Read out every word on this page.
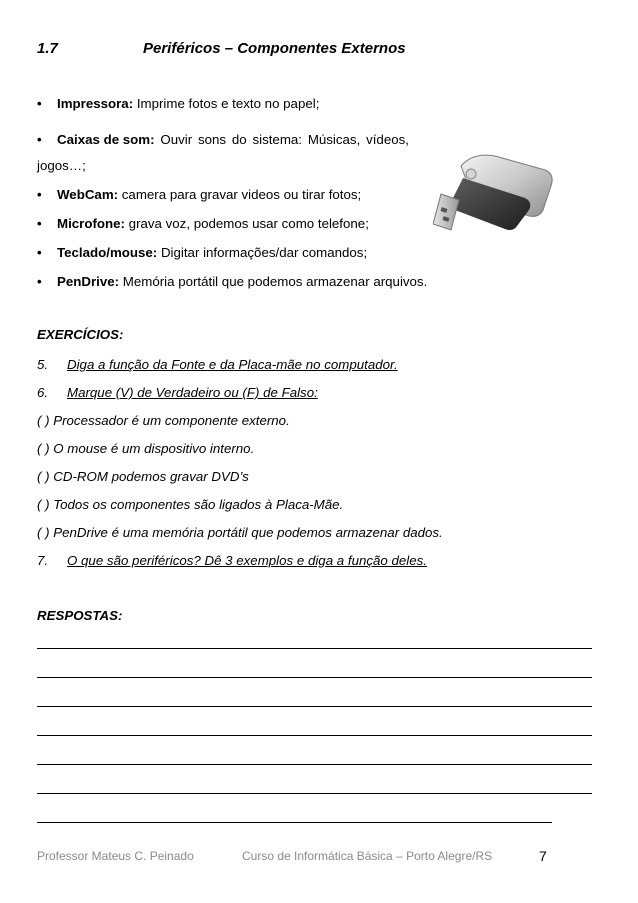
1.7	Periféricos – Componentes Externos
• Impressora: Imprime fotos e texto no papel;
• Caixas de som: Ouvir sons do sistema: Músicas, vídeos,
jogos…;
• WebCam: camera para gravar videos ou tirar fotos;
• Microfone: grava voz, podemos usar como telefone;
• Teclado/mouse: Digitar informações/dar comandos;
• PenDrive: Memória portátil que podemos armazenar arquivos.
EXERCÍCIOS:
5. Diga a função da Fonte e da Placa-mãe no computador.
6. Marque (V) de Verdadeiro ou (F) de Falso:
( ) Processador é um componente externo.
( ) O mouse é um dispositivo interno.
( ) CD-ROM podemos gravar DVD’s
( ) Todos os componentes são ligados à Placa-Mãe.
( ) PenDrive é uma memória portátil que podemos armazenar dados.
7. O que são periféricos? Dê 3 exemplos e diga a função deles.
RESPOSTAS:
Professor Mateus C. Peinado	Curso de Informática Básica – Porto Alegre/RS	7
